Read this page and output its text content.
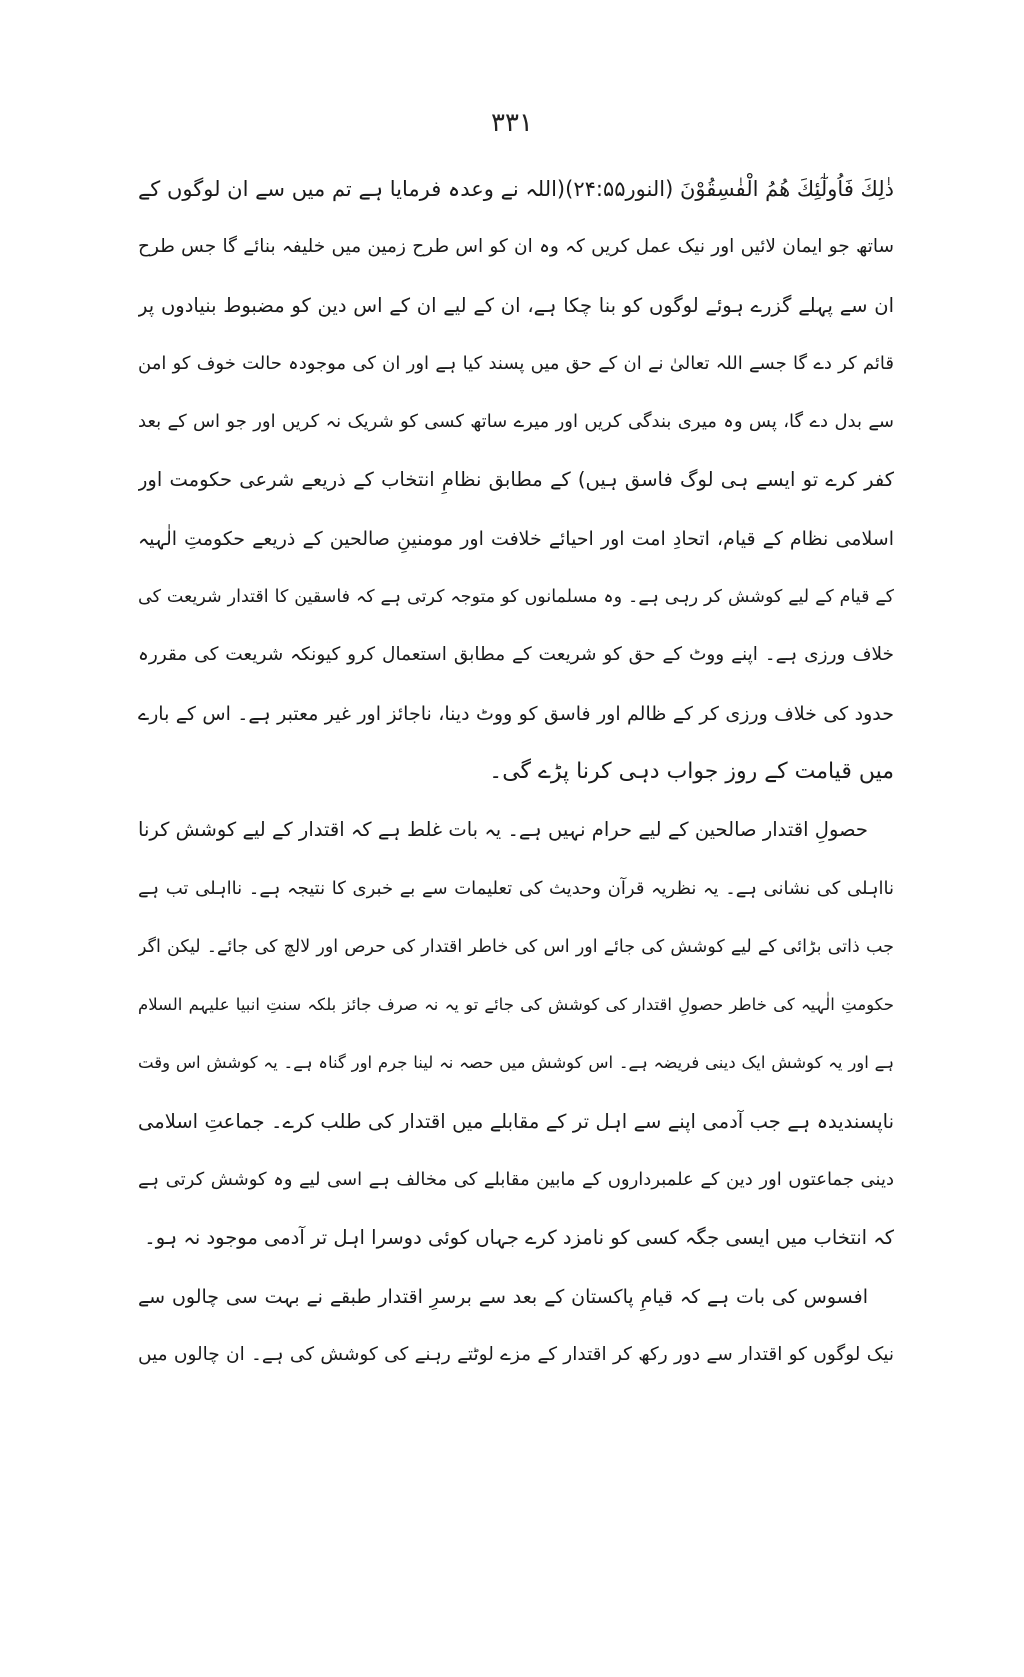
۳۳۱
ذٰلِكَ فَاُولٰٓئِكَ هُمُ الْفٰسِقُوْنَ (النور۲۴:۵۵)(اللہ نے وعدہ فرمایا ہے تم میں سے ان لوگوں کے
ساتھ جو ایمان لائیں اور نیک عمل کریں کہ وہ ان کو اس طرح زمین میں خلیفہ بنائے گا جس طرح
ان سے پہلے گزرے ہوئے لوگوں کو بنا چکا ہے، ان کے لیے ان کے اس دین کو مضبوط بنیادوں پر
قائم کر دے گا جسے اللہ تعالیٰ نے ان کے حق میں پسند کیا ہے اور ان کی موجودہ حالت خوف کو امن
سے بدل دے گا، پس وہ میری بندگی کریں اور میرے ساتھ کسی کو شریک نہ کریں اور جو اس کے بعد
کفر کرے تو ایسے ہی لوگ فاسق ہیں) کے مطابق نظامِ انتخاب کے ذریعے شرعی حکومت اور
اسلامی نظام کے قیام، اتحادِ امت اور احیائے خلافت اور مومنینِ صالحین کے ذریعے حکومتِ الٰہیہ
کے قیام کے لیے کوشش کر رہی ہے۔ وہ مسلمانوں کو متوجہ کرتی ہے کہ فاسقین کا اقتدار شریعت کی
خلاف ورزی ہے۔ اپنے ووٹ کے حق کو شریعت کے مطابق استعمال کرو کیونکہ شریعت کی مقررہ
حدود کی خلاف ورزی کر کے ظالم اور فاسق کو ووٹ دینا، ناجائز اور غیر معتبر ہے۔ اس کے بارے
میں قیامت کے روز جواب دہی کرنا پڑے گی۔
حصولِ اقتدار صالحین کے لیے حرام نہیں ہے۔ یہ بات غلط ہے کہ اقتدار کے لیے کوشش کرنا
نااہلی کی نشانی ہے۔ یہ نظریہ قرآن وحدیث کی تعلیمات سے بے خبری کا نتیجہ ہے۔ نااہلی تب ہے
جب ذاتی بڑائی کے لیے کوشش کی جائے اور اس کی خاطر اقتدار کی حرص اور لالچ کی جائے۔ لیکن اگر
حکومتِ الٰہیہ کی خاطر حصولِ اقتدار کی کوشش کی جائے تو یہ نہ صرف جائز بلکہ سنتِ انبیا علیہم السلام
ہے اور یہ کوشش ایک دینی فریضہ ہے۔ اس کوشش میں حصہ نہ لینا جرم اور گناہ ہے۔ یہ کوشش اس وقت
ناپسندیدہ ہے جب آدمی اپنے سے اہل تر کے مقابلے میں اقتدار کی طلب کرے۔ جماعتِ اسلامی
دینی جماعتوں اور دین کے علمبرداروں کے مابین مقابلے کی مخالف ہے اسی لیے وہ کوشش کرتی ہے
کہ انتخاب میں ایسی جگہ کسی کو نامزد کرے جہاں کوئی دوسرا اہل تر آدمی موجود نہ ہو۔
افسوس کی بات ہے کہ قیامِ پاکستان کے بعد سے برسرِ اقتدار طبقے نے بہت سی چالوں سے
نیک لوگوں کو اقتدار سے دور رکھ کر اقتدار کے مزے لوٹتے رہنے کی کوشش کی ہے۔ ان چالوں میں
